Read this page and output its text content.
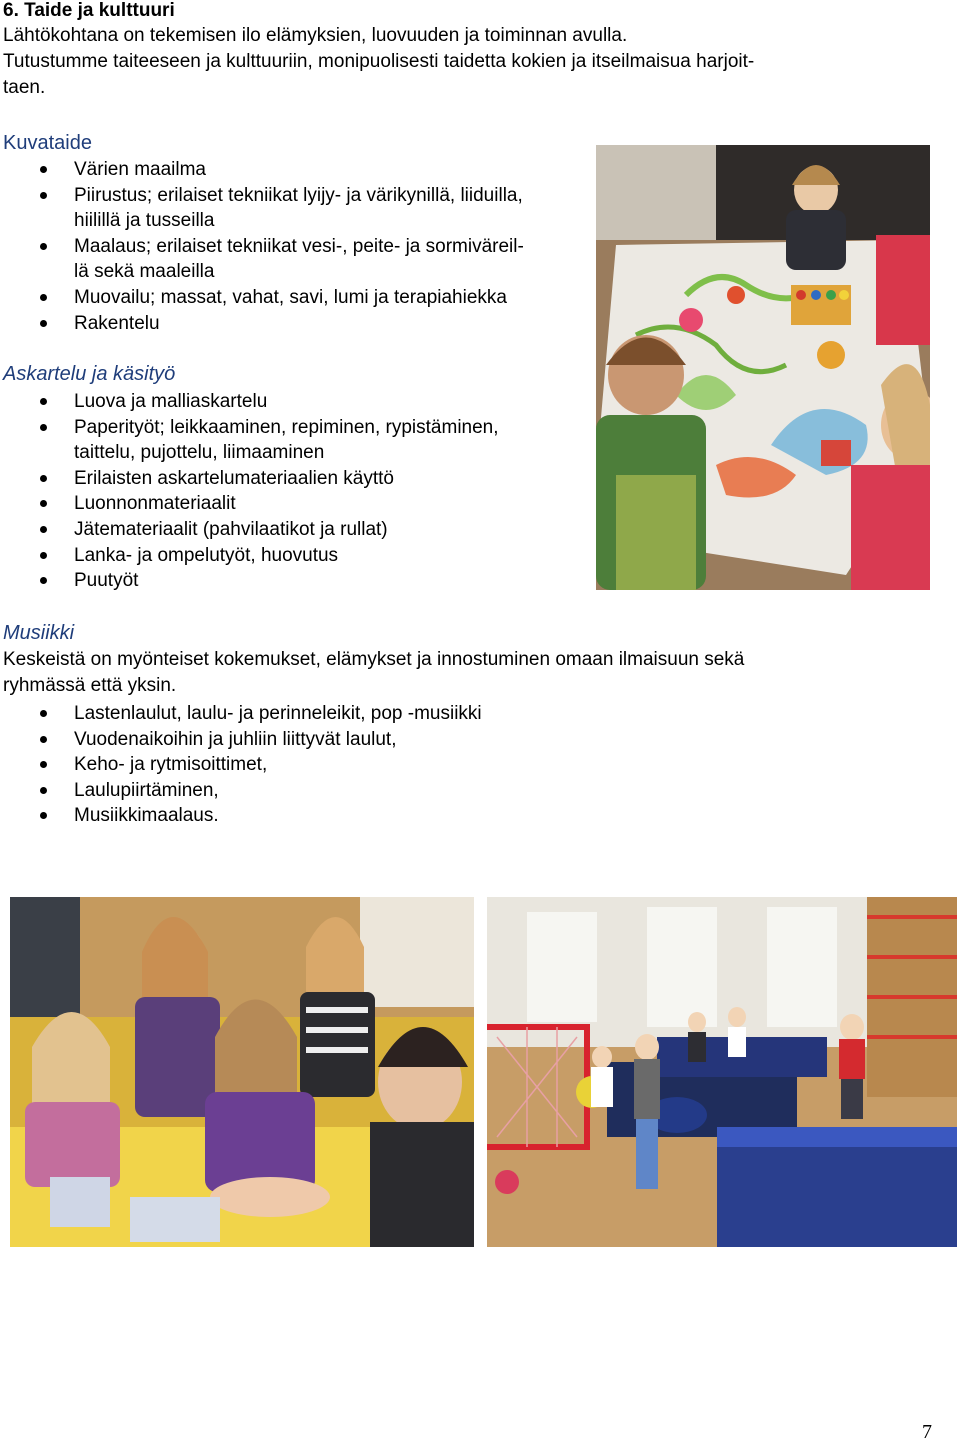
6. Taide ja kulttuuri
Lähtökohtana on tekemisen ilo elämyksien, luovuuden ja toiminnan avulla.
Tutustumme taiteeseen ja kulttuuriin, monipuolisesti taidetta kokien ja itseilmaisua harjoit-
taen.
Kuvataide
Värien maailma
Piirustus; erilaiset tekniikat lyijy- ja värikynillä, liiduilla,
hiilillä ja tusseilla
Maalaus; erilaiset tekniikat vesi-, peite- ja sormiväreil-
lä sekä maaleilla
Muovailu; massat, vahat, savi, lumi ja terapiahiekka
Rakentelu
Askartelu ja käsityö
Luova ja malliaskartelu
Paperityöt; leikkaaminen, repiminen, rypistäminen,
taittelu, pujottelu, liimaaminen
Erilaisten askartelumateriaalien käyttö
Luonnonmateriaalit
Jätemateriaalit (pahvilaatikot ja rullat)
Lanka- ja ompelutyöt, huovutus
Puutyöt
Musiikki
Keskeistä on myönteiset kokemukset, elämykset ja innostuminen omaan ilmaisuun sekä
ryhmässä että yksin.
Lastenlaulut, laulu- ja perinneleikit, pop -musiikki
Vuodenaikoihin ja juhliin liittyvät laulut,
Keho- ja rytmisoittimet,
Laulupiirtäminen,
Musiikkimaalaus.
7
